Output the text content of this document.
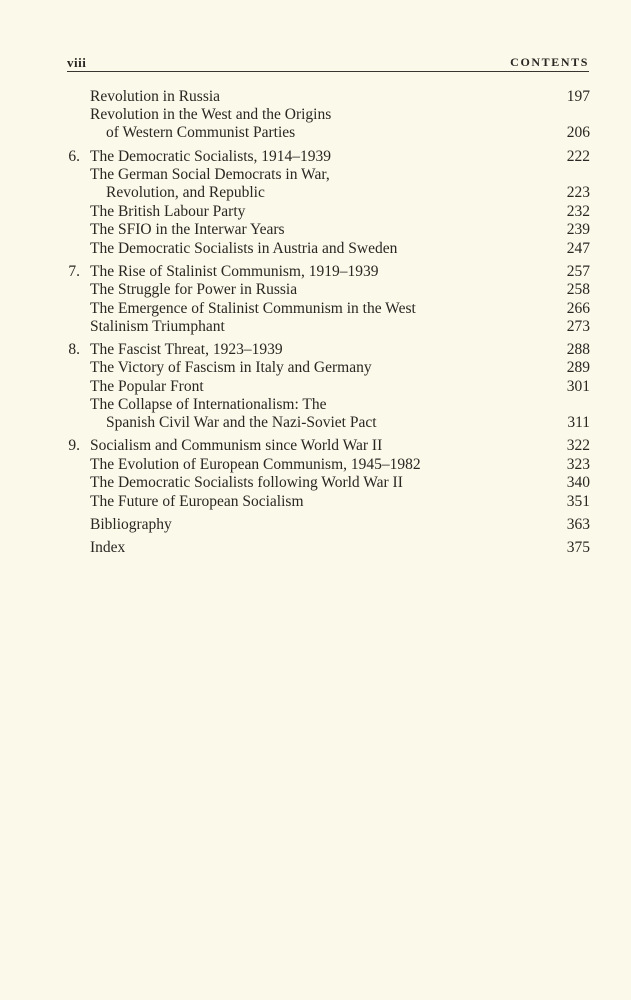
viii	CONTENTS
Revolution in Russia	197
Revolution in the West and the Origins
of Western Communist Parties	206
6. The Democratic Socialists, 1914–1939	222
The German Social Democrats in War,
Revolution, and Republic	223
The British Labour Party	232
The SFIO in the Interwar Years	239
The Democratic Socialists in Austria and Sweden	247
7. The Rise of Stalinist Communism, 1919–1939	257
The Struggle for Power in Russia	258
The Emergence of Stalinist Communism in the West	266
Stalinism Triumphant	273
8. The Fascist Threat, 1923–1939	288
The Victory of Fascism in Italy and Germany	289
The Popular Front	301
The Collapse of Internationalism: The
Spanish Civil War and the Nazi-Soviet Pact	311
9. Socialism and Communism since World War II	322
The Evolution of European Communism, 1945–1982	323
The Democratic Socialists following World War II	340
The Future of European Socialism	351
Bibliography	363
Index	375
